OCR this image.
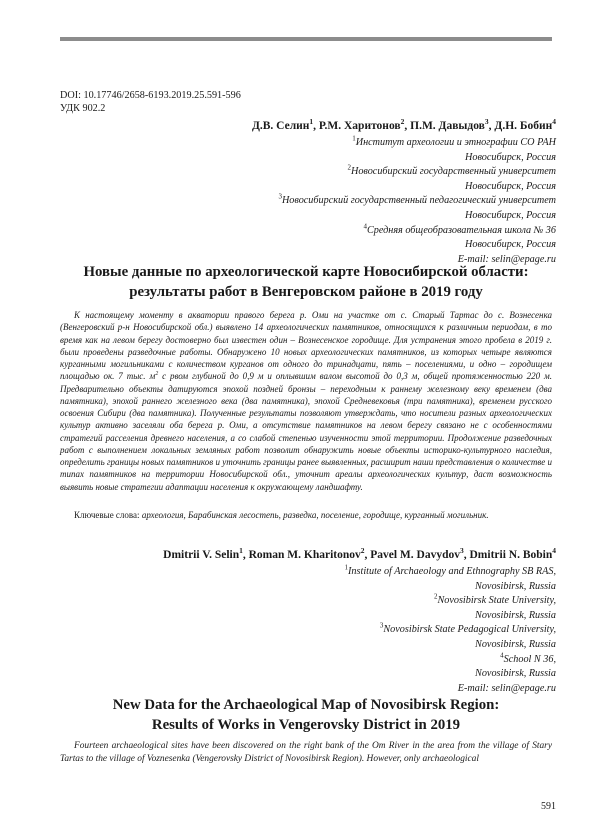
DOI: 10.17746/2658-6193.2019.25.591-596
УДК 902.2
Д.В. Селин$^1$, Р.М. Харитонов$^2$, П.М. Давыдов$^3$, Д.Н. Бобин$^4$
$^1$Институт археологии и этнографии СО РАН
Новосибирск, Россия
$^2$Новосибирский государственный университет
Новосибирск, Россия
$^3$Новосибирский государственный педагогический университет
Новосибирск, Россия
$^4$Средняя общеобразовательная школа № 36
Новосибирск, Россия
E-mail: selin@epage.ru
Новые данные по археологической карте Новосибирской области:
результаты работ в Венгеровском районе в 2019 году

К настоящему моменту в акватории правого берега р. Оми на участке от с. Старый Тартас до с. Вознесенка (Венгеровский р-н Новосибирской обл.) выявлено 14 археологических памятников, относящихся к различным периодам, в то время как на левом берегу достоверно был известен один – Вознесенское городище. Для устранения этого пробела в 2019 г. были проведены разведочные работы. Обнаружено 10 новых археологических памятников, из которых четыре являются курганными могильниками с количеством курганов от одного до тринадцати, пять – поселениями, и одно – городищем площадью ок. 7 тыс. $м^2$ с рвом глубиной до 0,9 м и оплывшим валом высотой до 0,3 м, общей протяженностью 220 м. Предварительно объекты датируются эпохой поздней бронзы – переходным к раннему железному веку временем (два памятника), эпохой раннего железного века (два памятника), эпохой Средневековья (три памятника), временем русского освоения Сибири (два памятника). Полученные результаты позволяют утверждать, что носители разных археологических культур активно заселяли оба берега р. Оми, а отсутствие памятников на левом берегу связано не с особенностями стратегий расселения древнего населения, а со слабой степенью изученности этой территории. Продолжение разведочных работ с выполнением локальных земляных работ позволит обнаружить новые объекты историко-культурного наследия, определить границы новых памятников и уточнить границы ранее выявленных, расширит наши представления о количестве и типах памятников на территории Новосибирской обл., уточнит ареалы археологических культур, даст возможность выявить новые стратегии адаптации населения к окружающему ландшафту.

Ключевые слова: археология, Барабинская лесостепь, разведка, поселение, городище, курганный могильник.
Dmitrii V. Selin$^1$, Roman M. Kharitonov$^2$, Pavel M. Davydov$^3$, Dmitrii N. Bobin$^4$
$^1$Institute of Archaeology and Ethnography SB RAS,
Novosibirsk, Russia
$^2$Novosibirsk State University,
Novosibirsk, Russia
$^3$Novosibirsk State Pedagogical University,
Novosibirsk, Russia
$^4$School N 36,
Novosibirsk, Russia
E-mail: selin@epage.ru
New Data for the Archaeological Map of Novosibirsk Region:
Results of Works in Vengerovsky District in 2019

Fourteen archaeological sites have been discovered on the right bank of the Om River in the area from the village of Stary Tartas to the village of Voznesenka (Vengerovsky District of Novosibirsk Region). However, only archaeological

591
